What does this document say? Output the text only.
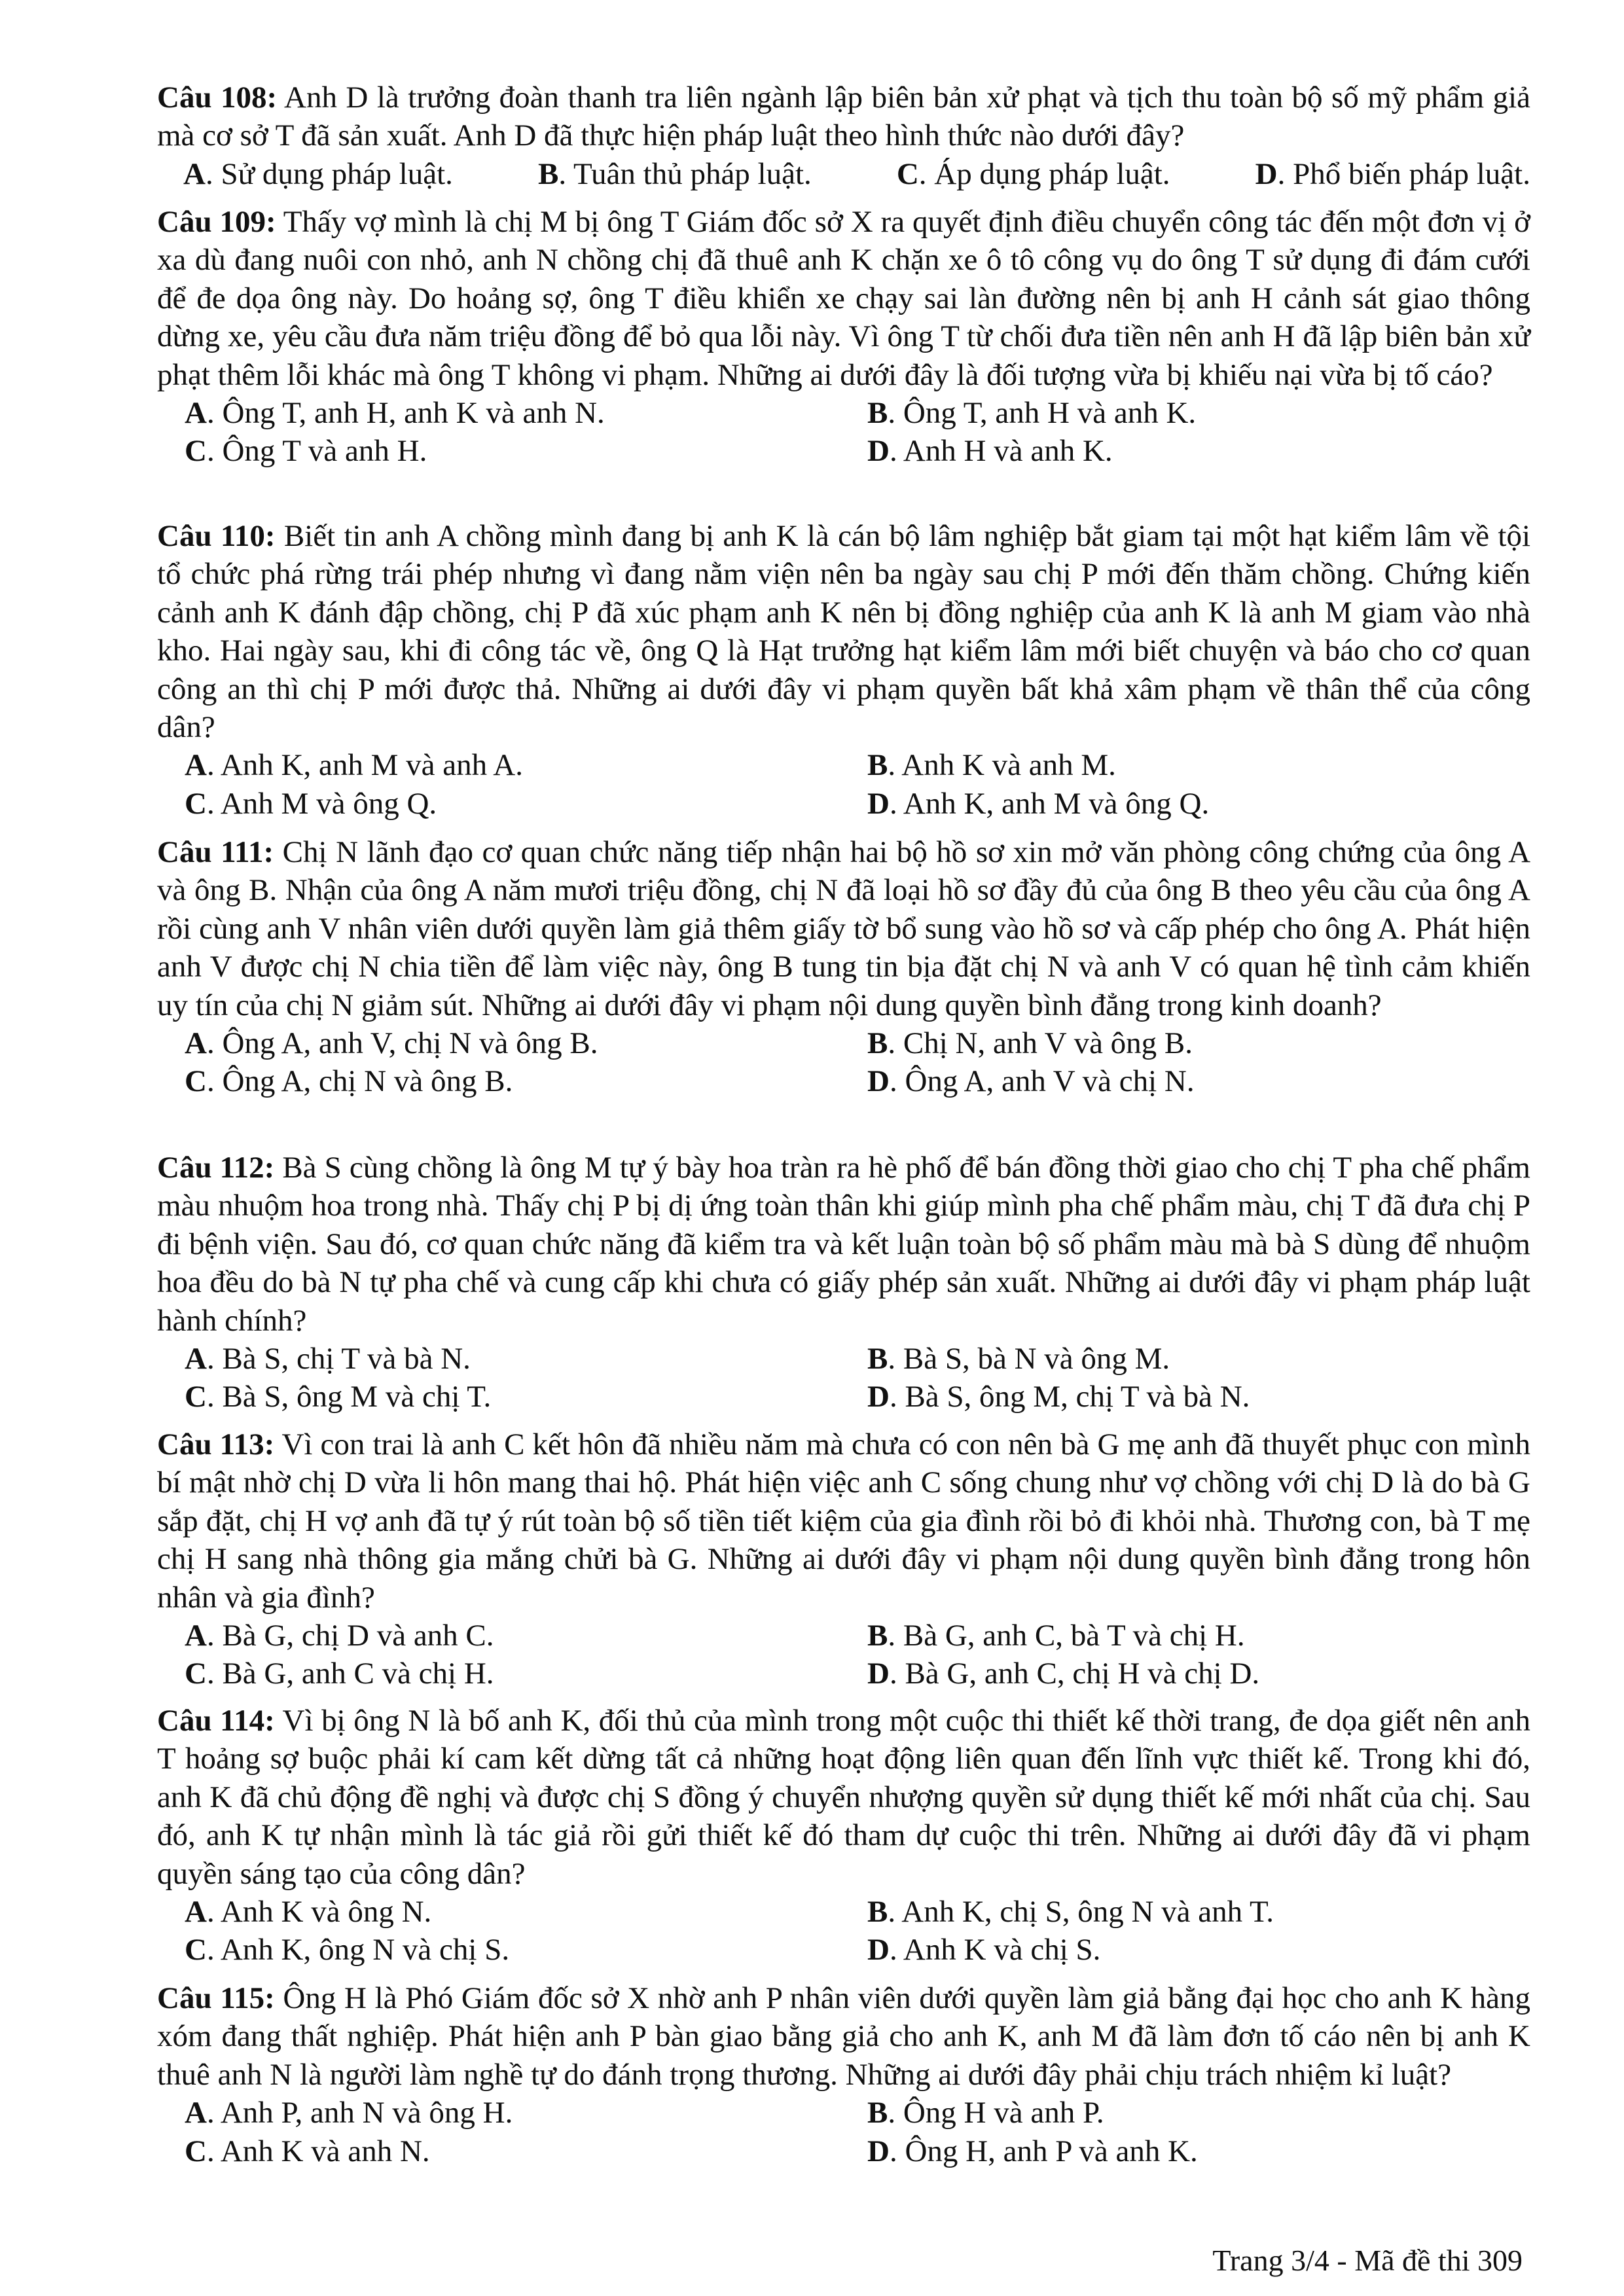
Câu 108: Anh D là trưởng đoàn thanh tra liên ngành lập biên bản xử phạt và tịch thu toàn bộ số mỹ phẩm giả mà cơ sở T đã sản xuất. Anh D đã thực hiện pháp luật theo hình thức nào dưới đây?
A. Sử dụng pháp luật.	B. Tuân thủ pháp luật.	C. Áp dụng pháp luật.	D. Phổ biến pháp luật.
Câu 109: Thấy vợ mình là chị M bị ông T Giám đốc sở X ra quyết định điều chuyển công tác đến một đơn vị ở xa dù đang nuôi con nhỏ, anh N chồng chị đã thuê anh K chặn xe ô tô công vụ do ông T sử dụng đi đám cưới để đe dọa ông này. Do hoảng sợ, ông T điều khiển xe chạy sai làn đường nên bị anh H cảnh sát giao thông dừng xe, yêu cầu đưa năm triệu đồng để bỏ qua lỗi này. Vì ông T từ chối đưa tiền nên anh H đã lập biên bản xử phạt thêm lỗi khác mà ông T không vi phạm. Những ai dưới đây là đối tượng vừa bị khiếu nại vừa bị tố cáo?
A. Ông T, anh H, anh K và anh N.	B. Ông T, anh H và anh K.
C. Ông T và anh H.	D. Anh H và anh K.
Câu 110: Biết tin anh A chồng mình đang bị anh K là cán bộ lâm nghiệp bắt giam tại một hạt kiểm lâm về tội tổ chức phá rừng trái phép nhưng vì đang nằm viện nên ba ngày sau chị P mới đến thăm chồng. Chứng kiến cảnh anh K đánh đập chồng, chị P đã xúc phạm anh K nên bị đồng nghiệp của anh K là anh M giam vào nhà kho. Hai ngày sau, khi đi công tác về, ông Q là Hạt trưởng hạt kiểm lâm mới biết chuyện và báo cho cơ quan công an thì chị P mới được thả. Những ai dưới đây vi phạm quyền bất khả xâm phạm về thân thể của công dân?
A. Anh K, anh M và anh A.	B. Anh K và anh M.
C. Anh M và ông Q.	D. Anh K, anh M và ông Q.
Câu 111: Chị N lãnh đạo cơ quan chức năng tiếp nhận hai bộ hồ sơ xin mở văn phòng công chứng của ông A và ông B. Nhận của ông A năm mươi triệu đồng, chị N đã loại hồ sơ đầy đủ của ông B theo yêu cầu của ông A rồi cùng anh V nhân viên dưới quyền làm giả thêm giấy tờ bổ sung vào hồ sơ và cấp phép cho ông A. Phát hiện anh V được chị N chia tiền để làm việc này, ông B tung tin bịa đặt chị N và anh V có quan hệ tình cảm khiến uy tín của chị N giảm sút. Những ai dưới đây vi phạm nội dung quyền bình đẳng trong kinh doanh?
A. Ông A, anh V, chị N và ông B.	B. Chị N, anh V và ông B.
C. Ông A, chị N và ông B.	D. Ông A, anh V và chị N.
Câu 112: Bà S cùng chồng là ông M tự ý bày hoa tràn ra hè phố để bán đồng thời giao cho chị T pha chế phẩm màu nhuộm hoa trong nhà. Thấy chị P bị dị ứng toàn thân khi giúp mình pha chế phẩm màu, chị T đã đưa chị P đi bệnh viện. Sau đó, cơ quan chức năng đã kiểm tra và kết luận toàn bộ số phẩm màu mà bà S dùng để nhuộm hoa đều do bà N tự pha chế và cung cấp khi chưa có giấy phép sản xuất. Những ai dưới đây vi phạm pháp luật hành chính?
A. Bà S, chị T và bà N.	B. Bà S, bà N và ông M.
C. Bà S, ông M và chị T.	D. Bà S, ông M, chị T và bà N.
Câu 113: Vì con trai là anh C kết hôn đã nhiều năm mà chưa có con nên bà G mẹ anh đã thuyết phục con mình bí mật nhờ chị D vừa li hôn mang thai hộ. Phát hiện việc anh C sống chung như vợ chồng với chị D là do bà G sắp đặt, chị H vợ anh đã tự ý rút toàn bộ số tiền tiết kiệm của gia đình rồi bỏ đi khỏi nhà. Thương con, bà T mẹ chị H sang nhà thông gia mắng chửi bà G. Những ai dưới đây vi phạm nội dung quyền bình đẳng trong hôn nhân và gia đình?
A. Bà G, chị D và anh C.	B. Bà G, anh C, bà T và chị H.
C. Bà G, anh C và chị H.	D. Bà G, anh C, chị H và chị D.
Câu 114: Vì bị ông N là bố anh K, đối thủ của mình trong một cuộc thi thiết kế thời trang, đe dọa giết nên anh T hoảng sợ buộc phải kí cam kết dừng tất cả những hoạt động liên quan đến lĩnh vực thiết kế. Trong khi đó, anh K đã chủ động đề nghị và được chị S đồng ý chuyển nhượng quyền sử dụng thiết kế mới nhất của chị. Sau đó, anh K tự nhận mình là tác giả rồi gửi thiết kế đó tham dự cuộc thi trên. Những ai dưới đây đã vi phạm quyền sáng tạo của công dân?
A. Anh K và ông N.	B. Anh K, chị S, ông N và anh T.
C. Anh K, ông N và chị S.	D. Anh K và chị S.
Câu 115: Ông H là Phó Giám đốc sở X nhờ anh P nhân viên dưới quyền làm giả bằng đại học cho anh K hàng xóm đang thất nghiệp. Phát hiện anh P bàn giao bằng giả cho anh K, anh M đã làm đơn tố cáo nên bị anh K thuê anh N là người làm nghề tự do đánh trọng thương. Những ai dưới đây phải chịu trách nhiệm kỉ luật?
A. Anh P, anh N và ông H.	B. Ông H và anh P.
C. Anh K và anh N.	D. Ông H, anh P và anh K.
Trang 3/4 - Mã đề thi 309
